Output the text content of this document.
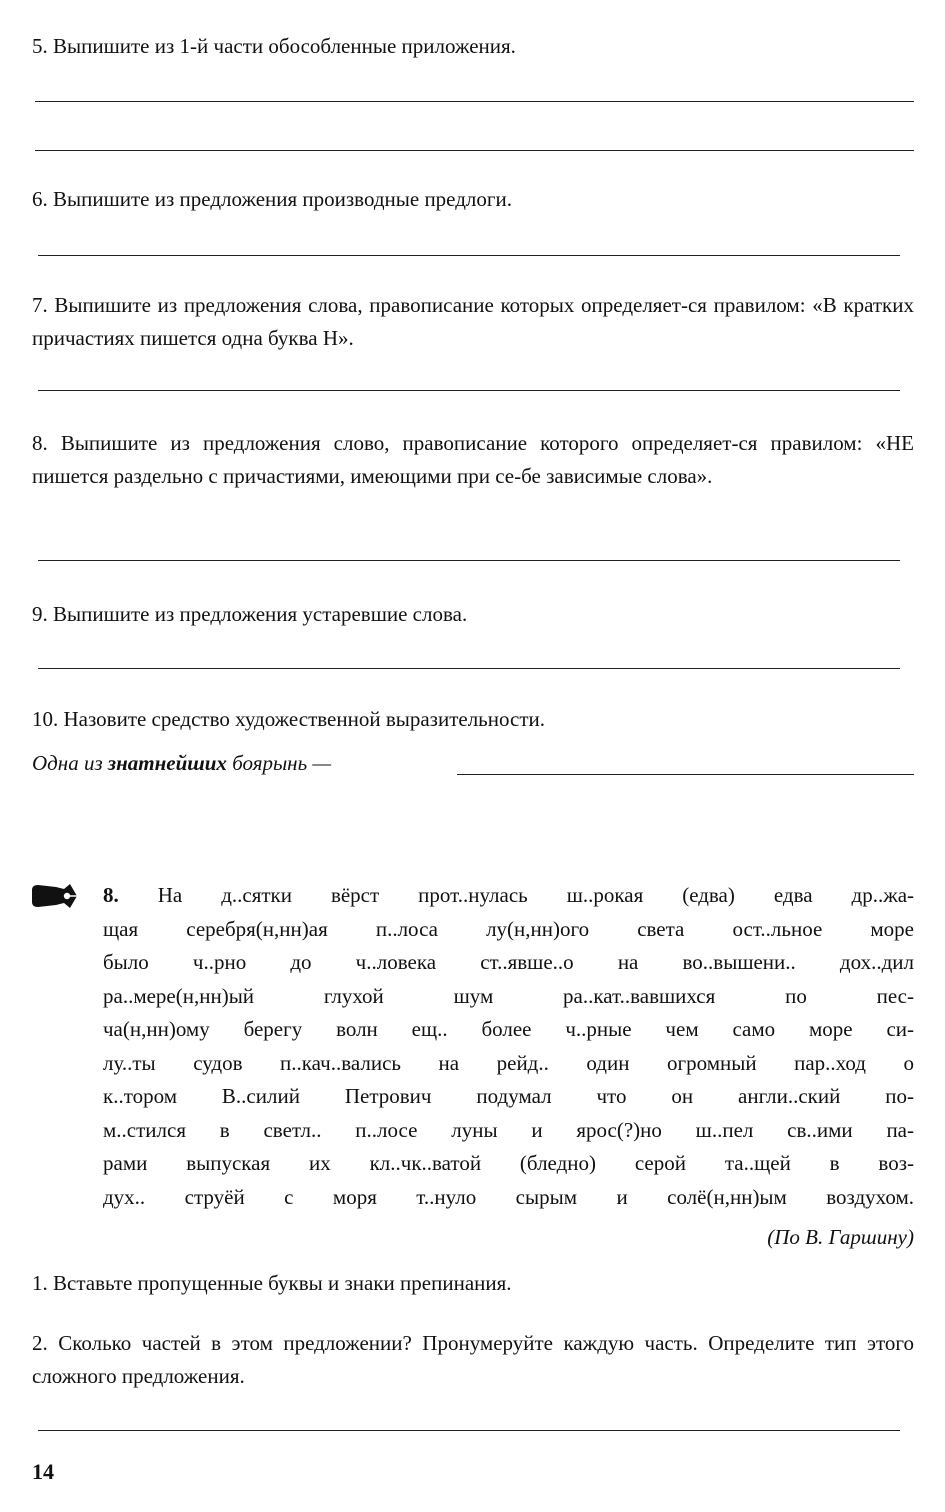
5. Выпишите из 1-й части обособленные приложения.
6. Выпишите из предложения производные предлоги.
7. Выпишите из предложения слова, правописание которых определяет-ся правилом: «В кратких причастиях пишется одна буква Н».
8. Выпишите из предложения слово, правописание которого определяет-ся правилом: «НЕ пишется раздельно с причастиями, имеющими при се-бе зависимые слова».
9. Выпишите из предложения устаревшие слова.
10. Назовите средство художественной выразительности.
Одна из знатнейших боярынь —
8. На д..сятки вёрст прот..нулась ш..рокая (едва) едва др..жа-
щая серебря(н,нн)ая п..лоса лу(н,нн)ого света ост..льное море
было ч..рно до ч..ловека ст..явше..о на во..вышени.. дох..дил
ра..мере(н,нн)ый глухой шум ра..кат..вавшихся по пес-
ча(н,нн)ому берегу волн ещ.. более ч..рные чем само море си-
лу..ты судов п..кач..вались на рейд.. один огромный пар..ход о
к..тором В..силий Петрович подумал что он англи..ский по-
м..стился в светл.. п..лосе луны и ярос(?)но ш..пел св..ими па-
рами выпуская их кл..чк..ватой (бледно) серой та..щей в воз-
дух.. струёй с моря т..нуло сырым и солё(н,нн)ым воздухом.
(По В. Гаршину)
1. Вставьте пропущенные буквы и знаки препинания.
2. Сколько частей в этом предложении? Пронумеруйте каждую часть. Определите тип этого сложного предложения.
14
